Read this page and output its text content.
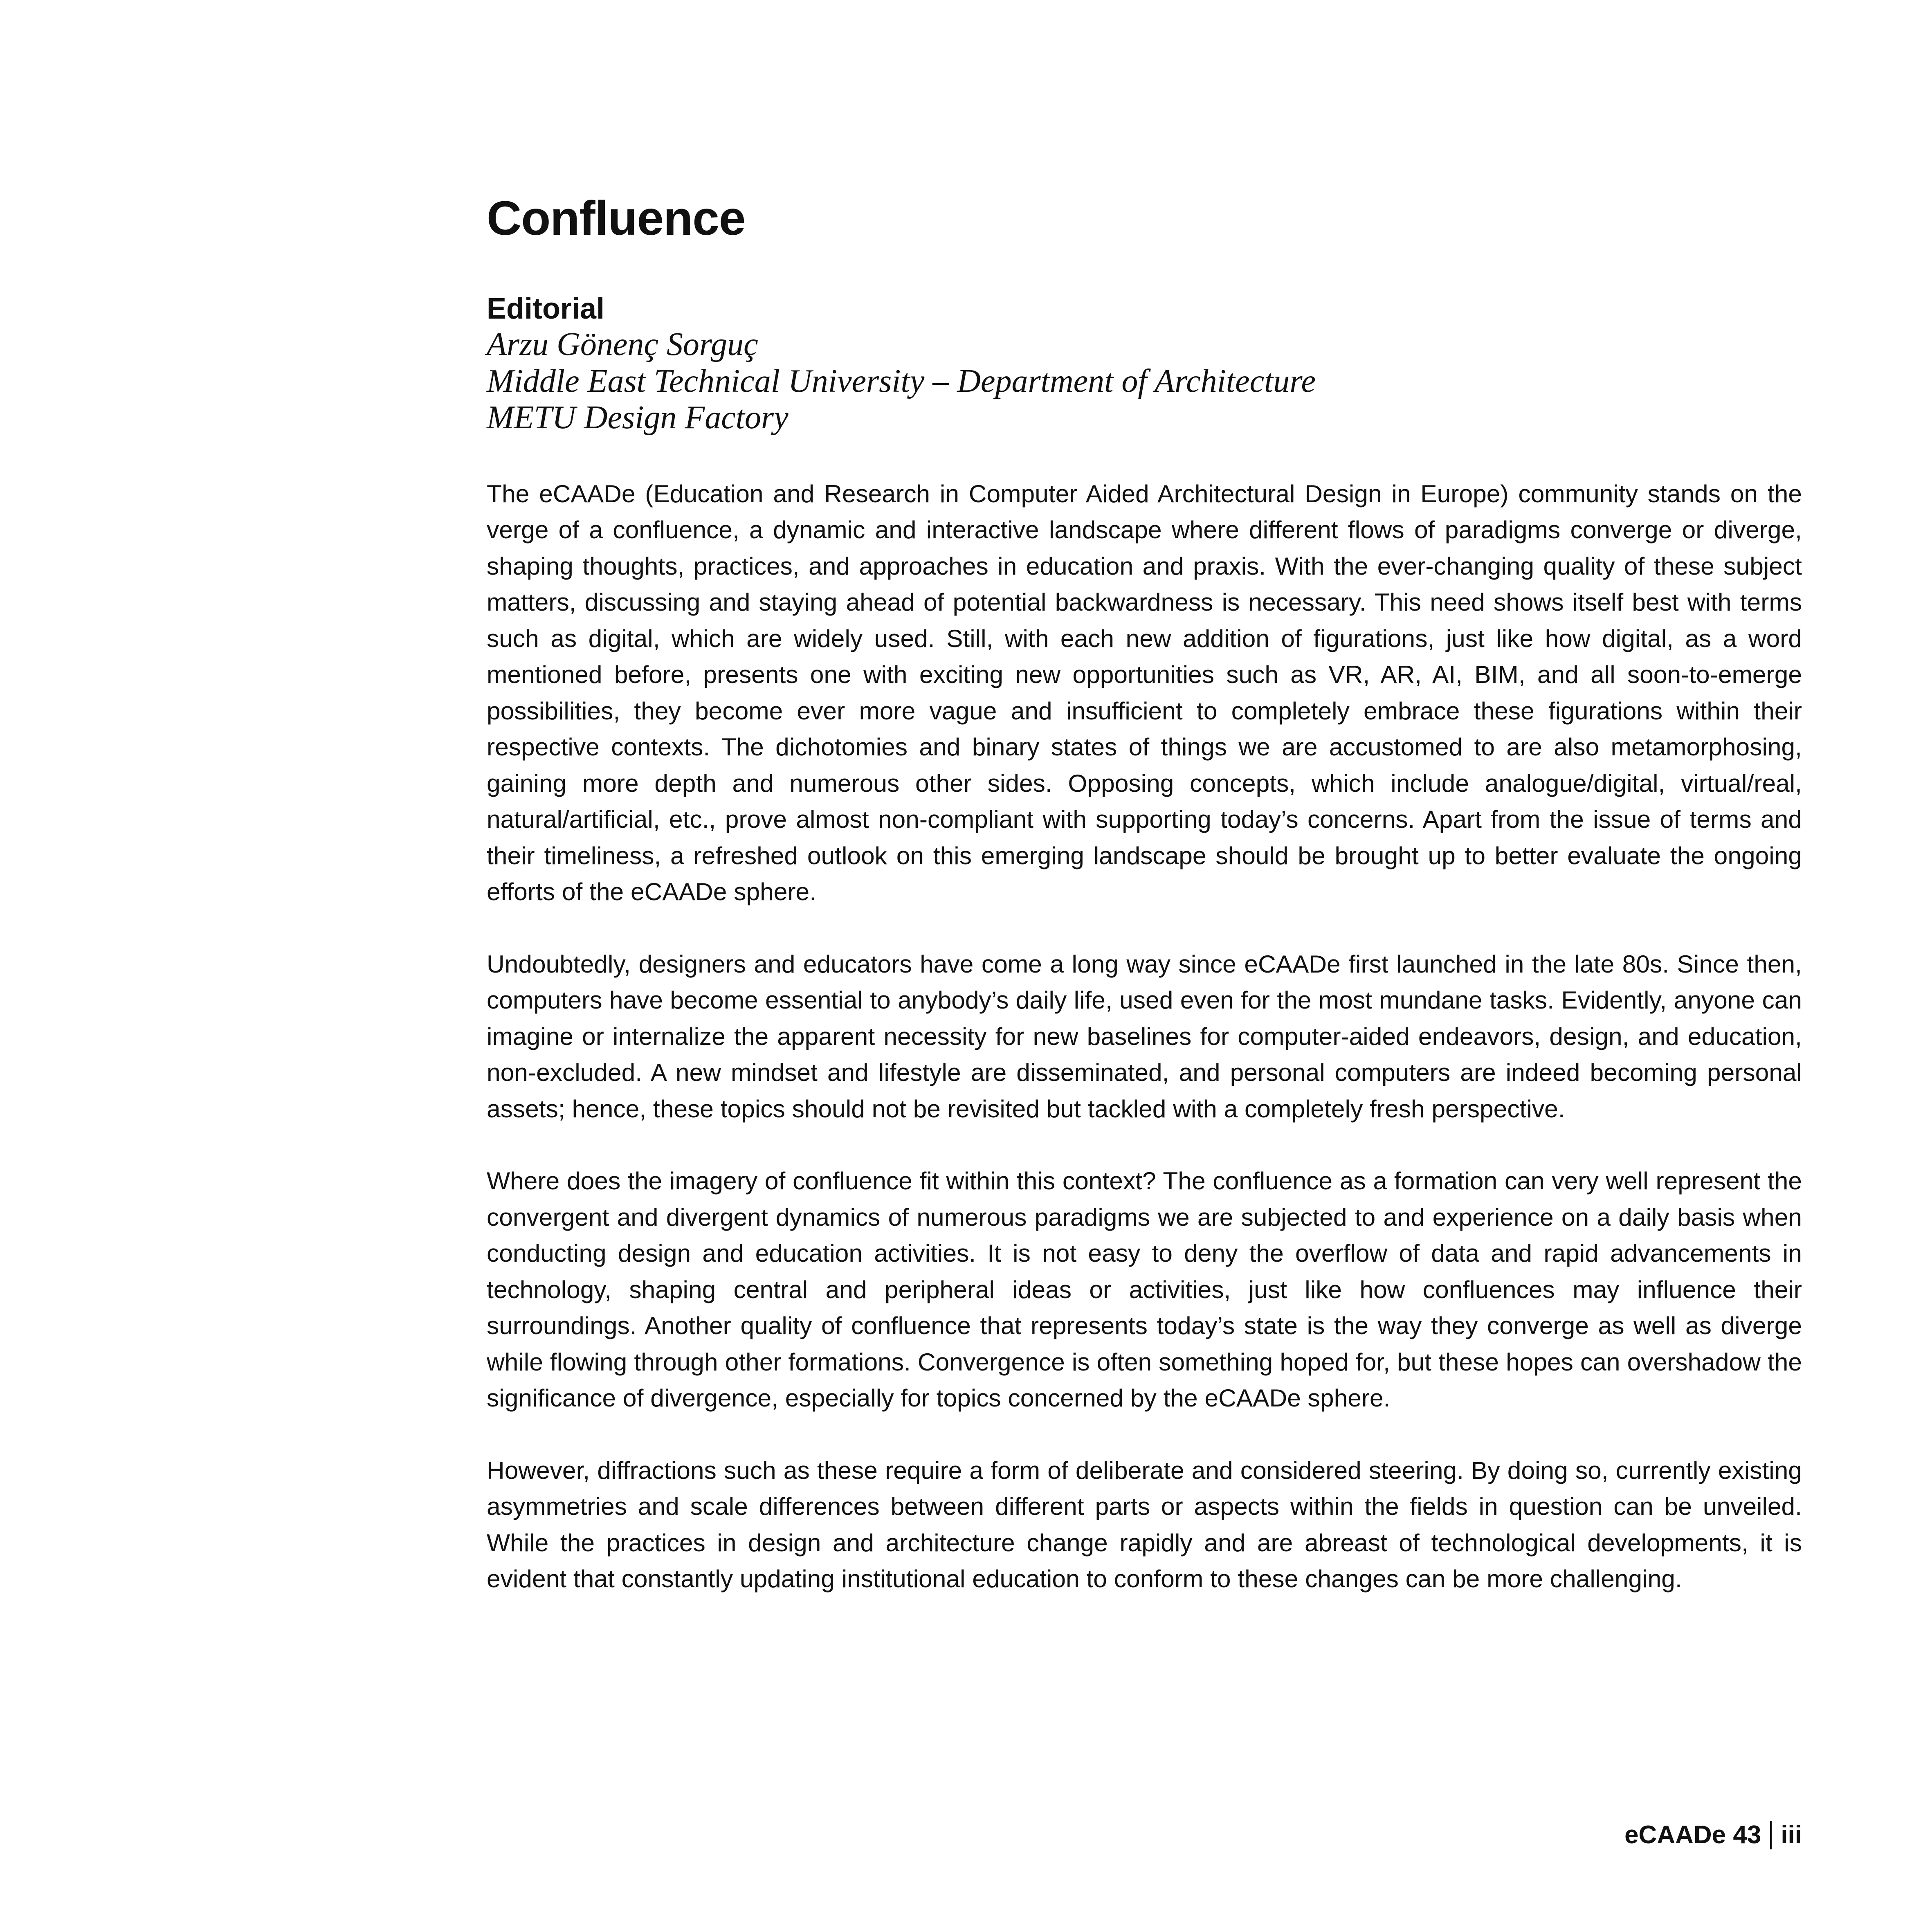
Confluence
Editorial
Arzu Gönenç Sorguç
Middle East Technical University – Department of Architecture
METU Design Factory

The eCAADe (Education and Research in Computer Aided Architectural Design in Europe) community stands on the verge of a confluence, a dynamic and interactive landscape where different flows of paradigms converge or diverge, shaping thoughts, practices, and approaches in education and praxis. With the ever-changing quality of these subject matters, discussing and staying ahead of potential backwardness is necessary. This need shows itself best with terms such as digital, which are widely used. Still, with each new addition of figurations, just like how digital, as a word mentioned before, presents one with exciting new opportunities such as VR, AR, AI, BIM, and all soon-to-emerge possibilities, they become ever more vague and insufficient to completely embrace these figurations within their respective contexts. The dichotomies and binary states of things we are accustomed to are also metamorphosing, gaining more depth and numerous other sides. Opposing concepts, which include analogue/digital, virtual/real, natural/artificial, etc., prove almost non-compliant with supporting today’s concerns. Apart from the issue of terms and their timeliness, a refreshed outlook on this emerging landscape should be brought up to better evaluate the ongoing efforts of the eCAADe sphere.

Undoubtedly, designers and educators have come a long way since eCAADe first launched in the late 80s. Since then, computers have become essential to anybody’s daily life, used even for the most mundane tasks. Evidently, anyone can imagine or internalize the apparent necessity for new baselines for computer-aided endeavors, design, and education, non-excluded. A new mindset and lifestyle are disseminated, and personal computers are indeed becoming personal assets; hence, these topics should not be revisited but tackled with a completely fresh perspective.

Where does the imagery of confluence fit within this context? The confluence as a formation can very well represent the convergent and divergent dynamics of numerous paradigms we are subjected to and experience on a daily basis when conducting design and education activities. It is not easy to deny the overflow of data and rapid advancements in technology, shaping central and peripheral ideas or activities, just like how confluences may influence their surroundings. Another quality of confluence that represents today’s state is the way they converge as well as diverge while flowing through other formations. Convergence is often something hoped for, but these hopes can overshadow the significance of divergence, especially for topics concerned by the eCAADe sphere.

However, diffractions such as these require a form of deliberate and considered steering. By doing so, currently existing asymmetries and scale differences between different parts or aspects within the fields in question can be unveiled. While the practices in design and architecture change rapidly and are abreast of technological developments, it is evident that constantly updating institutional education to conform to these changes can be more challenging.

eCAADe 43 iii
